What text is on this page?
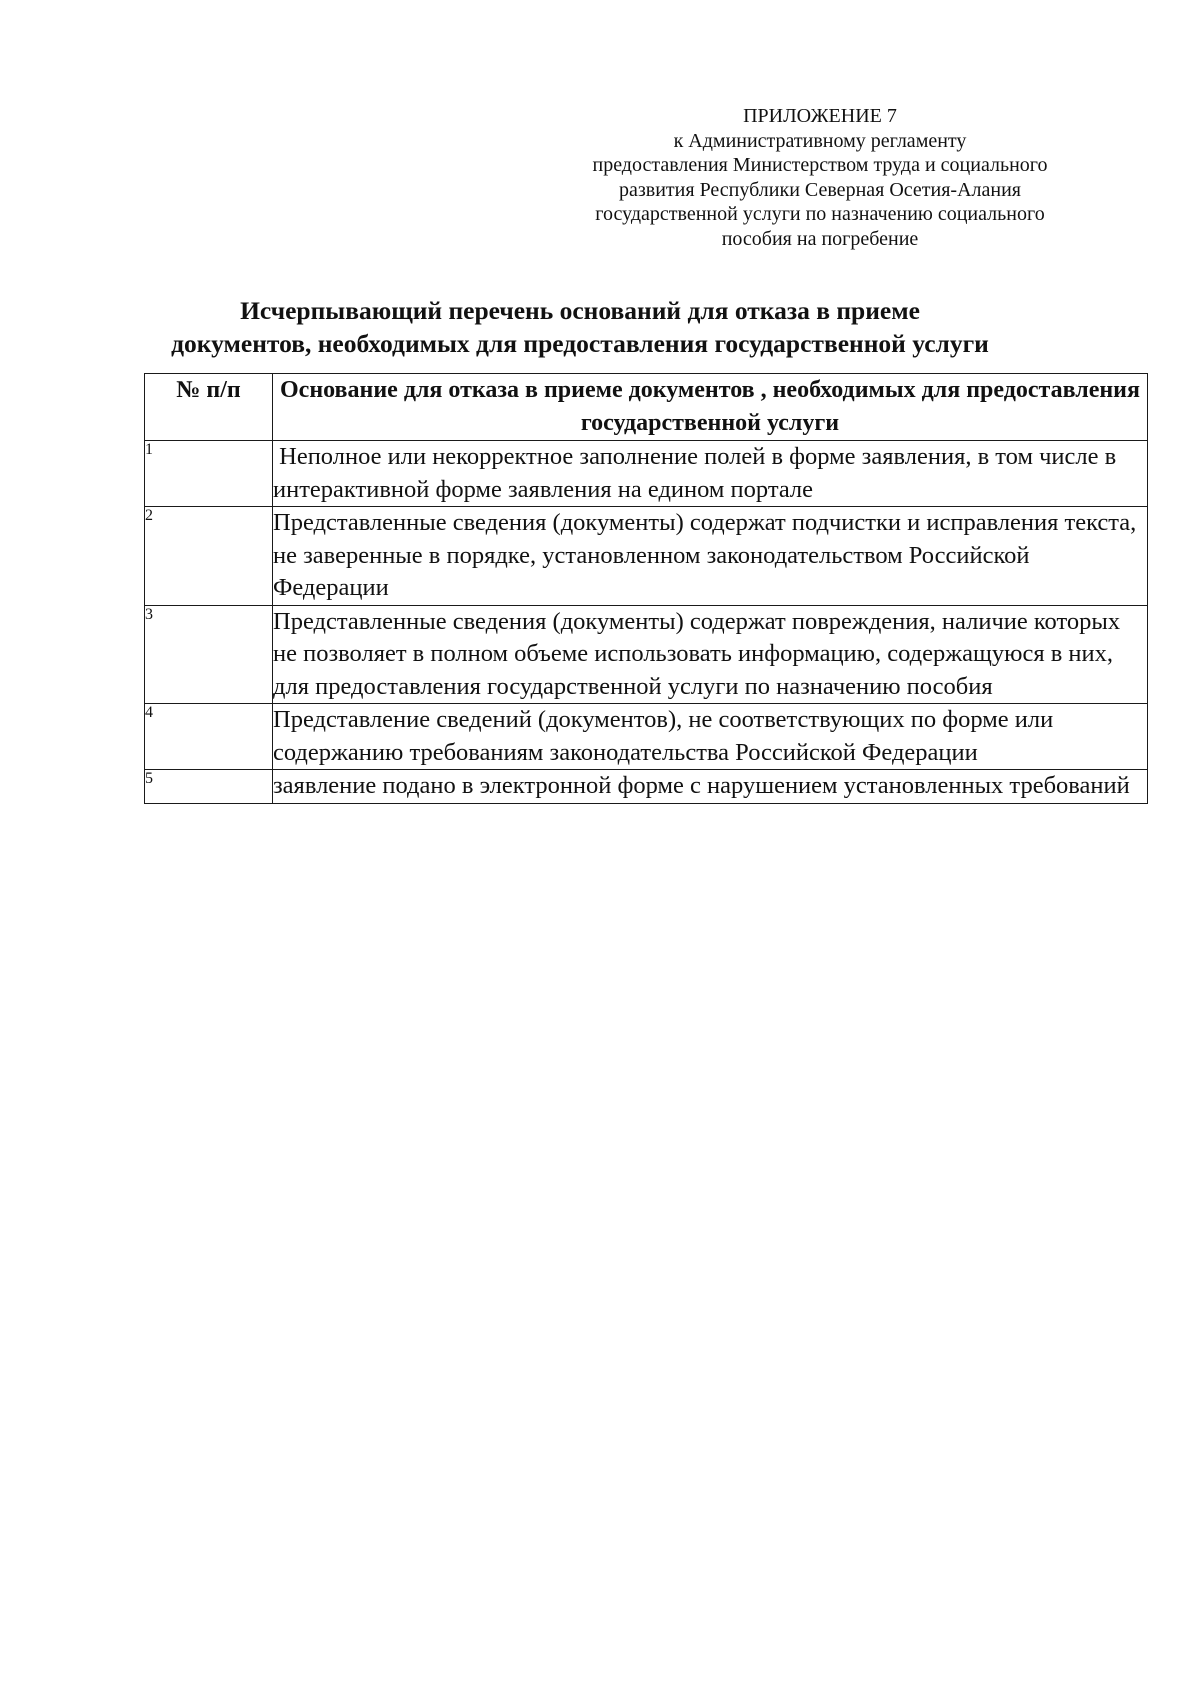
ПРИЛОЖЕНИЕ 7
к Административному регламенту
предоставления Министерством труда и социального
развития Республики Северная Осетия-Алания
государственной услуги по назначению социального
пособия на погребение
Исчерпывающий перечень оснований для отказа в приеме
документов, необходимых для предоставления государственной услуги
№ п/п	Основание для отказа в приеме документов , необходимых для предоставления государственной услуги
1	Неполное или некорректное заполнение полей в форме заявления, в том числе в интерактивной форме заявления на едином портале
2	Представленные сведения (документы) содержат подчистки и исправления текста, не заверенные в порядке, установленном законодательством Российской Федерации
3	Представленные сведения (документы) содержат повреждения, наличие которых не позволяет в полном объеме использовать информацию, содержащуюся в них, для предоставления государственной услуги по назначению пособия
4	Представление сведений (документов), не соответствующих по форме или содержанию требованиям законодательства Российской Федерации
5	заявление подано в электронной форме с нарушением установленных требований
